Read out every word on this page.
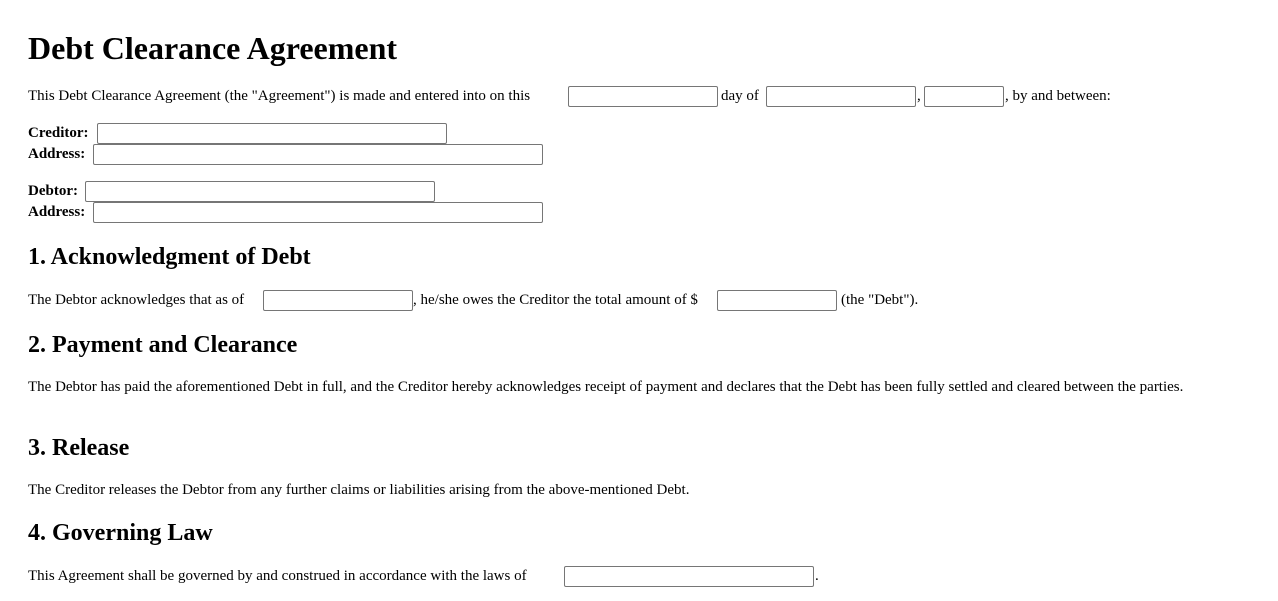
Debt Clearance Agreement
This Debt Clearance Agreement (the "Agreement") is made and entered into on this	day of	,	, by and between:
Creditor:
Address:
Debtor:
Address:
1. Acknowledgment of Debt
The Debtor acknowledges that as of	, he/she owes the Creditor the total amount of $	(the "Debt").
2. Payment and Clearance

The Debtor has paid the aforementioned Debt in full, and the Creditor hereby acknowledges receipt of payment and declares that the Debt has been fully settled and cleared between the parties.

3. Release
The Creditor releases the Debtor from any further claims or liabilities arising from the above-mentioned Debt.
4. Governing Law
This Agreement shall be governed by and construed in accordance with the laws of	.
